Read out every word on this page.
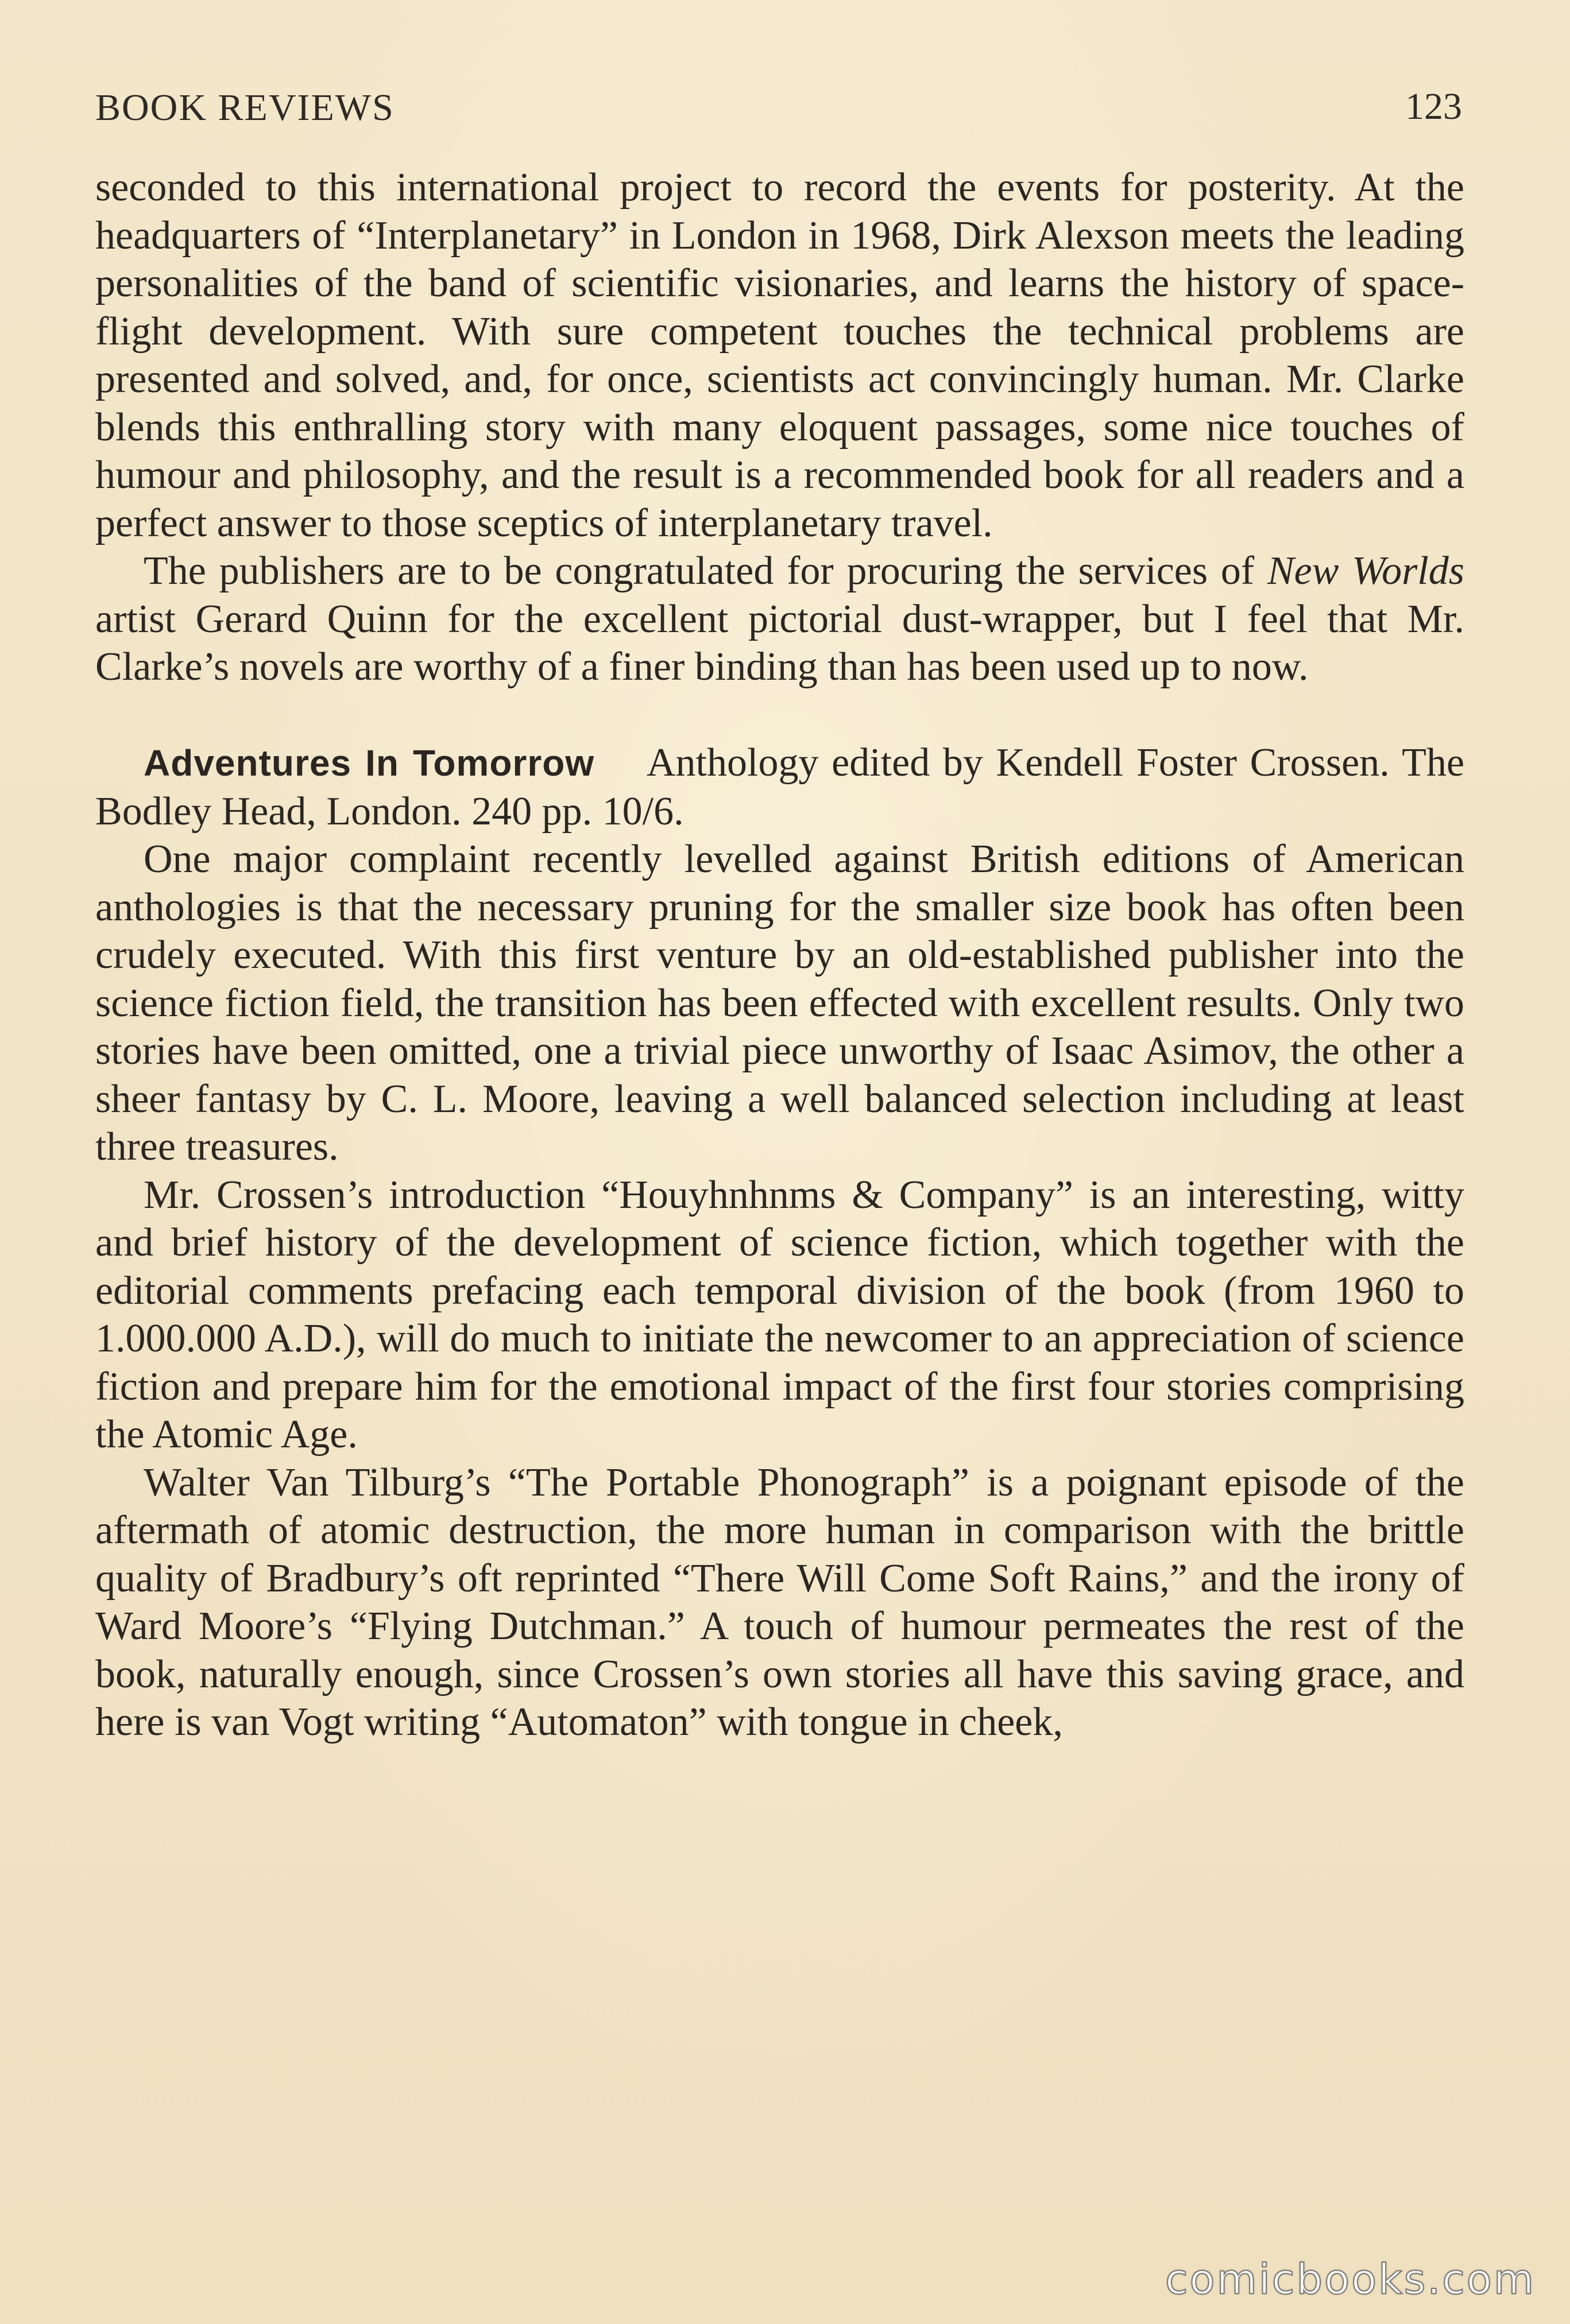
BOOK REVIEWS	123

seconded to this international project to record the events for posterity. At the headquarters of “Interplanetary” in London in 1968, Dirk Alexson meets the leading personalities of the band of scientific visionaries, and learns the history of spaceflight development. With sure competent touches the technical problems are presented and solved, and, for once, scientists act convincingly human. Mr. Clarke blends this enthralling story with many eloquent passages, some nice touches of humour and philosophy, and the result is a recommended book for all readers and a perfect answer to those sceptics of interplanetary travel.

The publishers are to be congratulated for procuring the services of New Worlds artist Gerard Quinn for the excellent pictorial dust-wrapper, but I feel that Mr. Clarke’s novels are worthy of a finer binding than has been used up to now.

Adventures In Tomorrow Anthology edited by Kendell Foster Crossen. The Bodley Head, London. 240 pp. 10/6.

One major complaint recently levelled against British editions of American anthologies is that the necessary pruning for the smaller size book has often been crudely executed. With this first venture by an old-established publisher into the science fiction field, the transition has been effected with excellent results. Only two stories have been omitted, one a trivial piece unworthy of Isaac Asimov, the other a sheer fantasy by C. L. Moore, leaving a well balanced selection including at least three treasures.

Mr. Crossen’s introduction “Houyhnhnms & Company” is an interesting, witty and brief history of the development of science fiction, which together with the editorial comments prefacing each temporal division of the book (from 1960 to 1.000.000 A.D.), will do much to initiate the newcomer to an appreciation of science fiction and prepare him for the emotional impact of the first four stories comprising the Atomic Age.

Walter Van Tilburg’s “The Portable Phonograph” is a poignant episode of the aftermath of atomic destruction, the more human in comparison with the brittle quality of Bradbury’s oft reprinted “There Will Come Soft Rains,” and the irony of Ward Moore’s “Flying Dutchman.” A touch of humour permeates the rest of the book, naturally enough, since Crossen’s own stories all have this saving grace, and here is van Vogt writing “Automaton” with tongue in cheek,

comicbooks.com
